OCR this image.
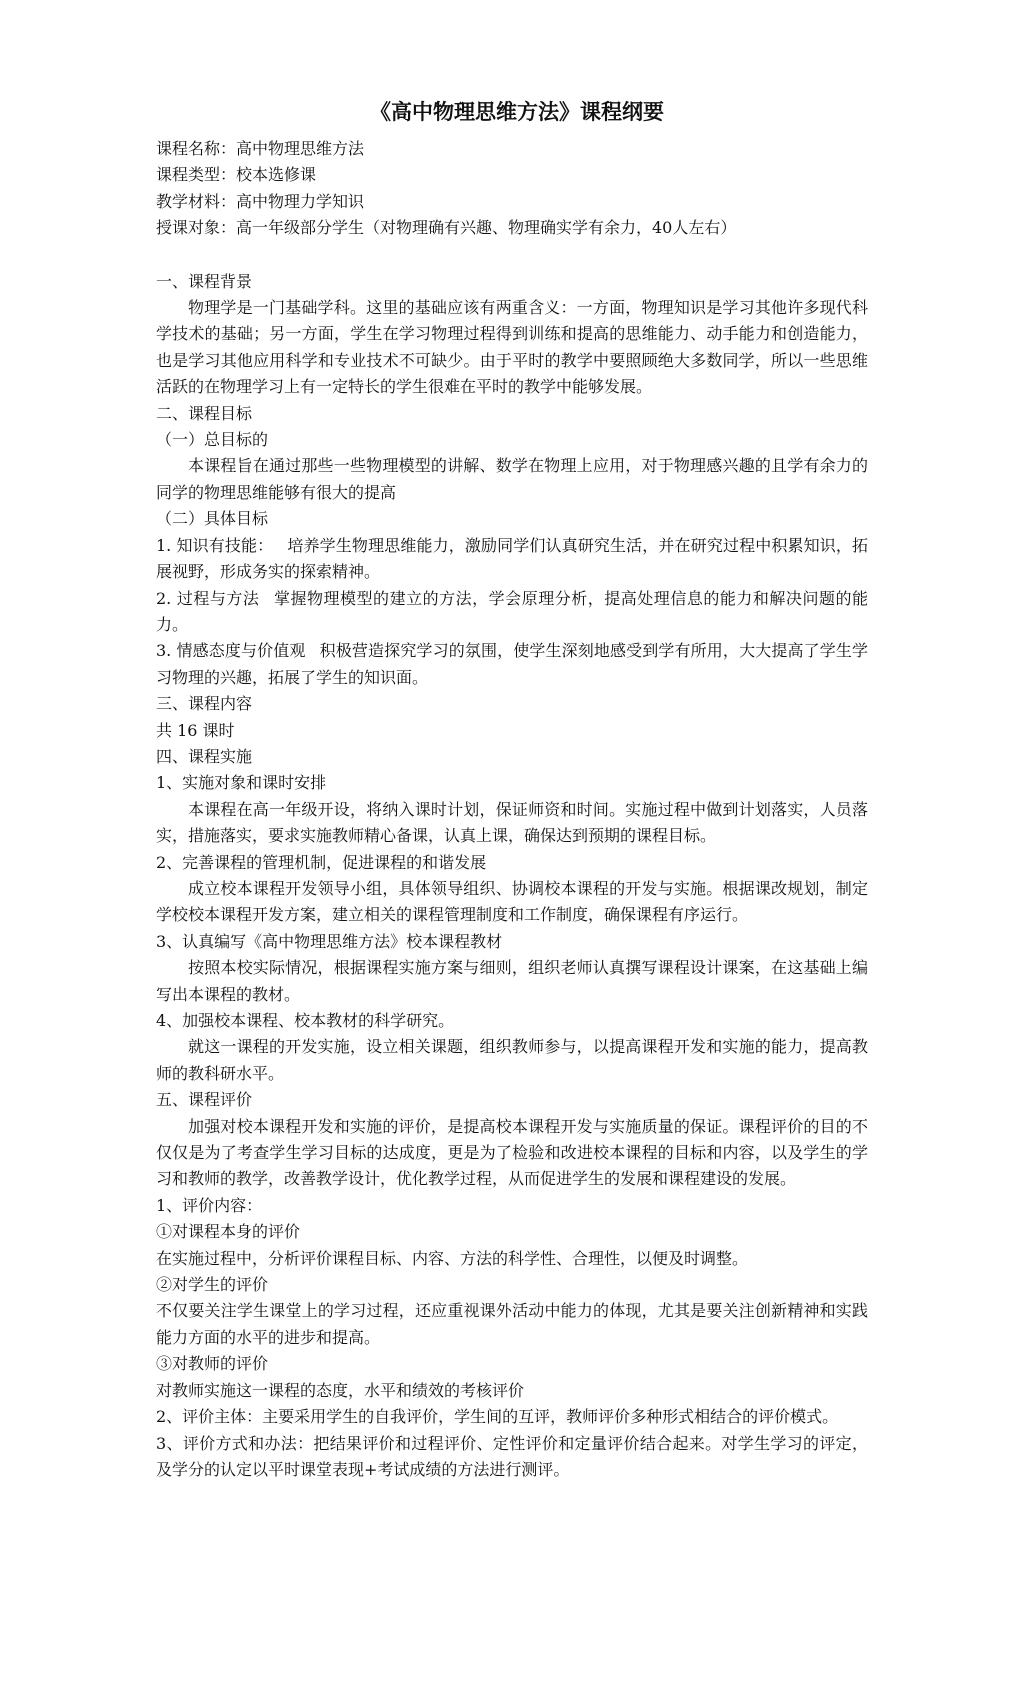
《高中物理思维方法》课程纲要

课程名称：高中物理思维方法

课程类型：校本选修课

教学材料：高中物理力学知识

授课对象：高一年级部分学生（对物理确有兴趣、物理确实学有余力，40人左右）

一、课程背景

物理学是一门基础学科。这里的基础应该有两重含义：一方面，物理知识是学习其他许多现代科学技术的基础；另一方面，学生在学习物理过程得到训练和提高的思维能力、动手能力和创造能力，也是学习其他应用科学和专业技术不可缺少。由于平时的教学中要照顾绝大多数同学，所以一些思维活跃的在物理学习上有一定特长的学生很难在平时的教学中能够发展。

二、课程目标

（一）总目标的

本课程旨在通过那些一些物理模型的讲解、数学在物理上应用，对于物理感兴趣的且学有余力的同学的物理思维能够有很大的提高

（二）具体目标

1. 知识有技能： 培养学生物理思维能力，激励同学们认真研究生活，并在研究过程中积累知识，拓展视野，形成务实的探索精神。

2. 过程与方法 掌握物理模型的建立的方法，学会原理分析，提高处理信息的能力和解决问题的能力。

3. 情感态度与价值观 积极营造探究学习的氛围，使学生深刻地感受到学有所用，大大提高了学生学习物理的兴趣，拓展了学生的知识面。

三、课程内容

共 16 课时

四、课程实施

1、实施对象和课时安排

本课程在高一年级开设，将纳入课时计划，保证师资和时间。实施过程中做到计划落实，人员落实，措施落实，要求实施教师精心备课，认真上课，确保达到预期的课程目标。

2、完善课程的管理机制，促进课程的和谐发展

成立校本课程开发领导小组，具体领导组织、协调校本课程的开发与实施。根据课改规划，制定学校校本课程开发方案，建立相关的课程管理制度和工作制度，确保课程有序运行。

3、认真编写《高中物理思维方法》校本课程教材

按照本校实际情况，根据课程实施方案与细则，组织老师认真撰写课程设计课案，在这基础上编写出本课程的教材。

4、加强校本课程、校本教材的科学研究。

就这一课程的开发实施，设立相关课题，组织教师参与，以提高课程开发和实施的能力，提高教师的教科研水平。

五、课程评价

加强对校本课程开发和实施的评价，是提高校本课程开发与实施质量的保证。课程评价的目的不仅仅是为了考查学生学习目标的达成度，更是为了检验和改进校本课程的目标和内容，以及学生的学习和教师的教学，改善教学设计，优化教学过程，从而促进学生的发展和课程建设的发展。

1、评价内容：

①对课程本身的评价

在实施过程中，分析评价课程目标、内容、方法的科学性、合理性，以便及时调整。

②对学生的评价

不仅要关注学生课堂上的学习过程，还应重视课外活动中能力的体现，尤其是要关注创新精神和实践能力方面的水平的进步和提高。

③对教师的评价

对教师实施这一课程的态度，水平和绩效的考核评价

2、评价主体：主要采用学生的自我评价，学生间的互评，教师评价多种形式相结合的评价模式。

3、评价方式和办法：把结果评价和过程评价、定性评价和定量评价结合起来。对学生学习的评定，及学分的认定以平时课堂表现+考试成绩的方法进行测评。
